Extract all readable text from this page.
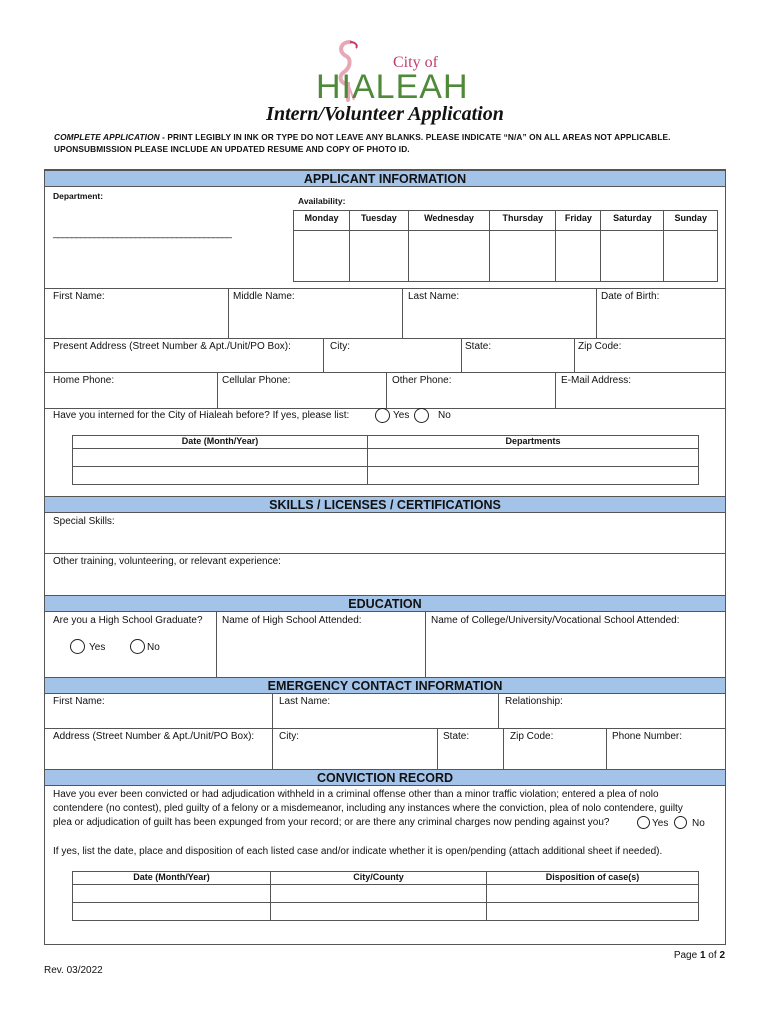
City of
HIALEAH
Intern/Volunteer Application
COMPLETE APPLICATION - PRINT LEGIBLY IN INK OR TYPE DO NOT LEAVE ANY BLANKS. PLEASE INDICATE “N/A” ON ALL AREAS NOT APPLICABLE. UPONSUBMISSION PLEASE INCLUDE AN UPDATED RESUME AND COPY OF PHOTO ID.
APPLICANT INFORMATION
Department:
_______________________________________
Availability:
Monday	Tuesday	Wednesday	Thursday	Friday	Saturday	Sunday

First Name:	Middle Name:	Last Name:	Date of Birth:
Present Address (Street Number & Apt./Unit/PO Box):	City:	State:	Zip Code:
Home Phone:	Cellular Phone:	Other Phone:	E-Mail Address:
Have you interned for the City of Hialeah before? If yes, please list:	Yes	No
Date (Month/Year)	Departments

SKILLS / LICENSES / CERTIFICATIONS
Special Skills:
Other training, volunteering, or relevant experience:
EDUCATION
Are you a High School Graduate? Name of High School Attended:	Name of College/University/Vocational School Attended:
Yes	No
EMERGENCY CONTACT INFORMATION
First Name:	Last Name:	Relationship:
Address (Street Number & Apt./Unit/PO Box): City:	State:	Zip Code:	Phone Number:
CONVICTION RECORD
Have you ever been convicted or had adjudication withheld in a criminal offense other than a minor traffic violation; entered a plea of nolo
contendere (no contest), pled guilty of a felony or a misdemeanor, including any instances where the conviction, plea of nolo contendere, guilty
plea or adjudication of guilt has been expunged from your record; or are there any criminal charges now pending against you?	Yes No
If yes, list the date, place and disposition of each listed case and/or indicate whether it is open/pending (attach additional sheet if needed).
Date (Month/Year)	City/County	Disposition of case(s)

Page 1 of 2
Rev. 03/2022
